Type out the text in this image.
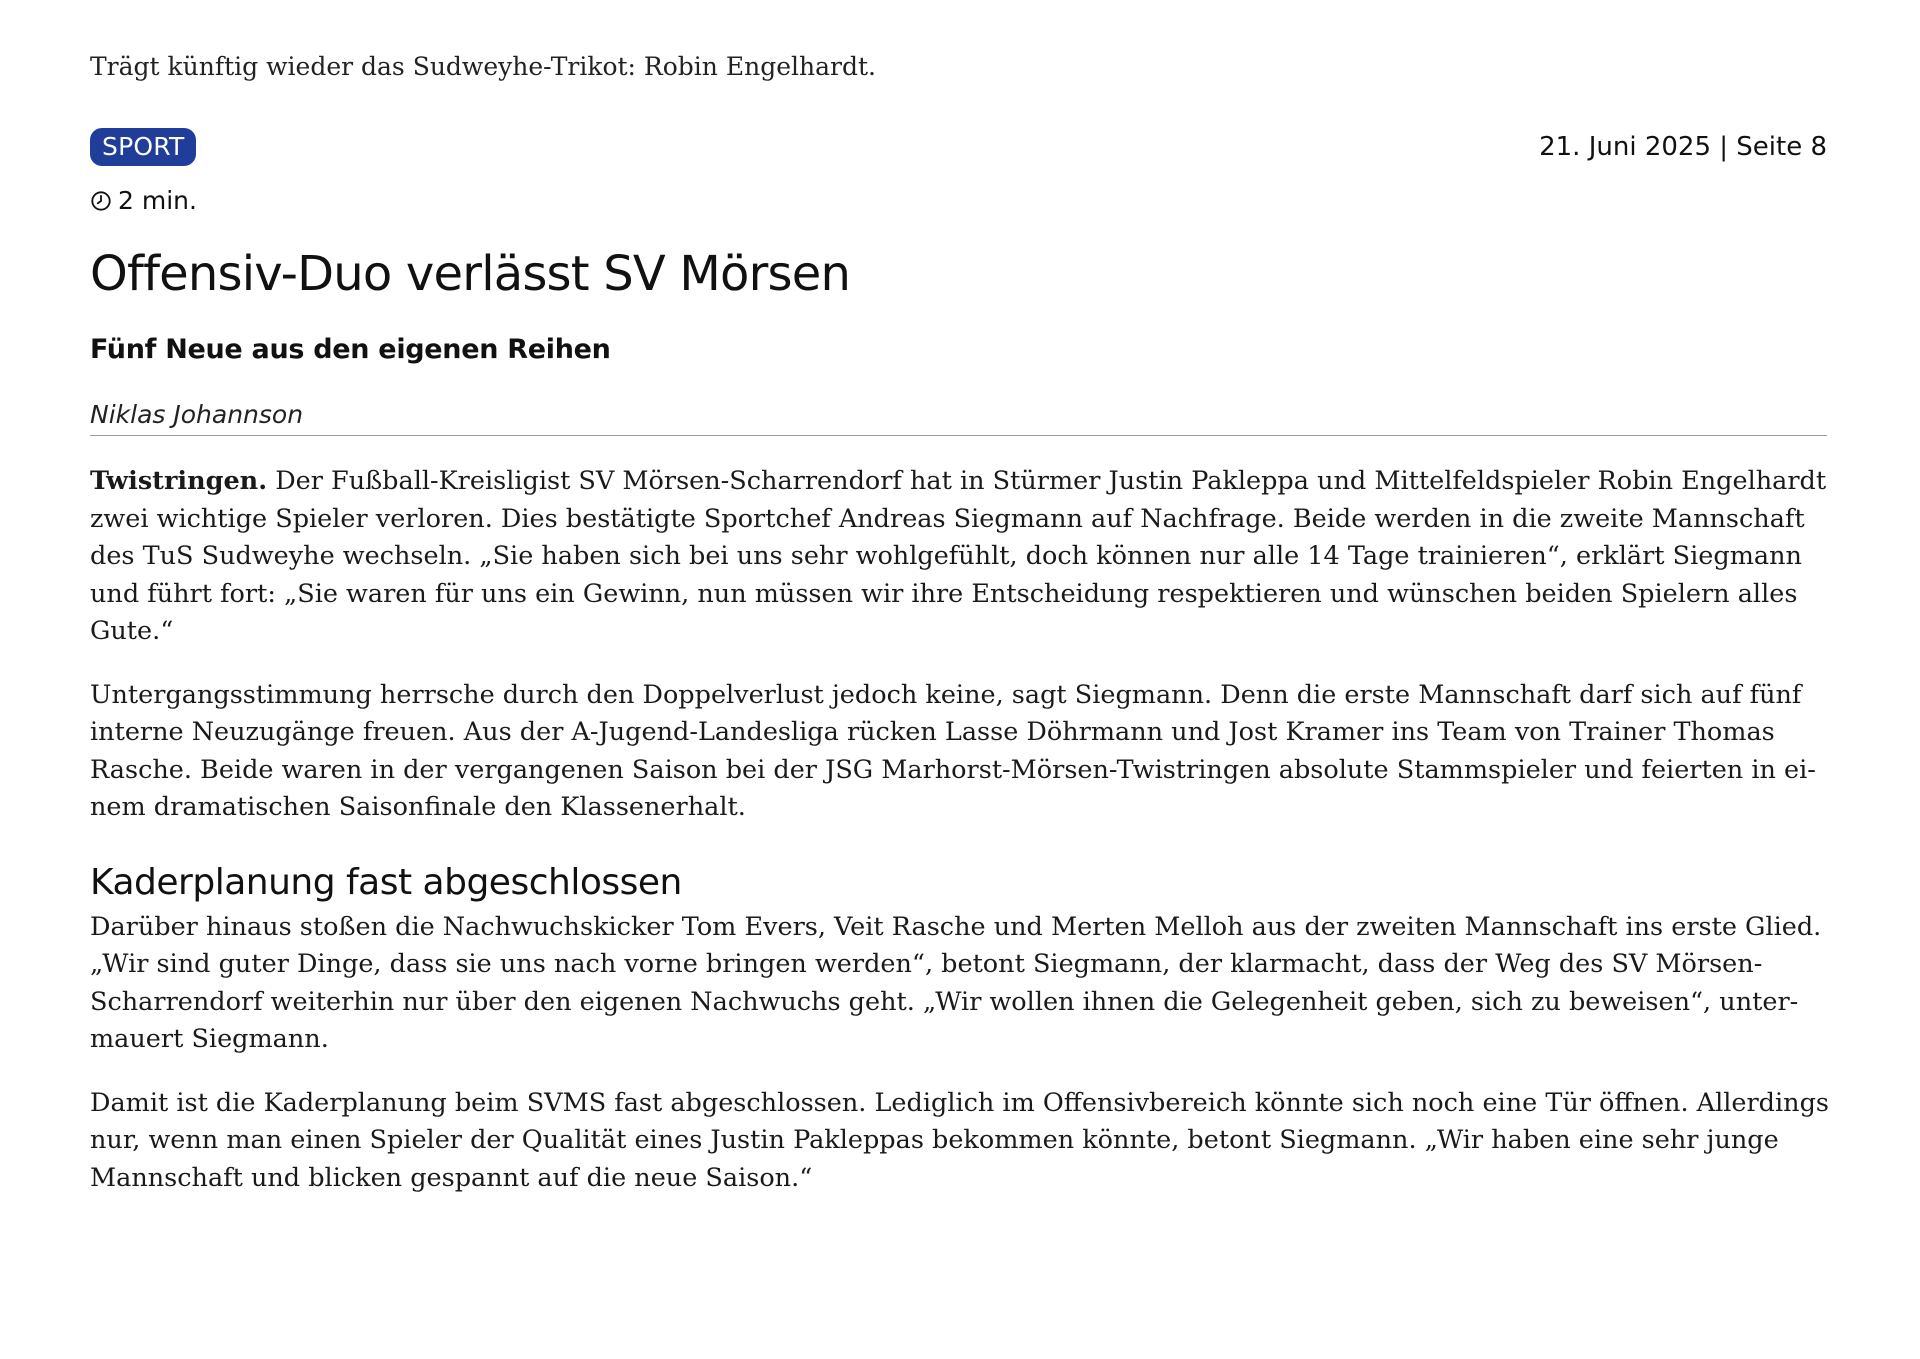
Trägt künftig wieder das Sudweyhe-Trikot: Robin Engelhardt.
SPORT	21. Juni 2025 | Seite 8
2 min.
Offensiv-Duo verlässt SV Mörsen
Fünf Neue aus den eigenen Reihen
Niklas Johannson

Twistringen. Der Fußball-Kreisligist SV Mörsen-Scharrendorf hat in Stürmer Justin Pakleppa und Mittelfeldspieler Robin Engelhardt zwei wichtige Spieler verloren. Dies bestätigte Sportchef Andreas Siegmann auf Nachfrage. Beide werden in die zweite Mannschaft des TuS Sudweyhe wechseln. „Sie haben sich bei uns sehr wohlgefühlt, doch können nur alle 14 Tage trainieren“, erklärt Siegmann und führt fort: „Sie waren für uns ein Gewinn, nun müssen wir ihre Entscheidung respektieren und wünschen beiden Spielern alles Gute.“

Untergangsstimmung herrsche durch den Doppelverlust jedoch keine, sagt Siegmann. Denn die erste Mannschaft darf sich auf fünf interne Neuzugänge freuen. Aus der A-Jugend-Landesliga rücken Lasse Döhrmann und Jost Kramer ins Team von Trainer Thomas Rasche. Beide waren in der vergangenen Saison bei der JSG Marhorst-Mörsen-Twistringen absolute Stammspieler und feierten in einem dramatischen Saisonfinale den Klassenerhalt.

Kaderplanung fast abgeschlossen

Darüber hinaus stoßen die Nachwuchskicker Tom Evers, Veit Rasche und Merten Melloh aus der zweiten Mannschaft ins erste Glied. „Wir sind guter Dinge, dass sie uns nach vorne bringen werden“, betont Siegmann, der klarmacht, dass der Weg des SV Mörsen-Scharrendorf weiterhin nur über den eigenen Nachwuchs geht. „Wir wollen ihnen die Gelegenheit geben, sich zu beweisen“, untermauert Siegmann.

Damit ist die Kaderplanung beim SVMS fast abgeschlossen. Lediglich im Offensivbereich könnte sich noch eine Tür öffnen. Allerdings nur, wenn man einen Spieler der Qualität eines Justin Pakleppas bekommen könnte, betont Siegmann. „Wir haben eine sehr junge Mannschaft und blicken gespannt auf die neue Saison.“
